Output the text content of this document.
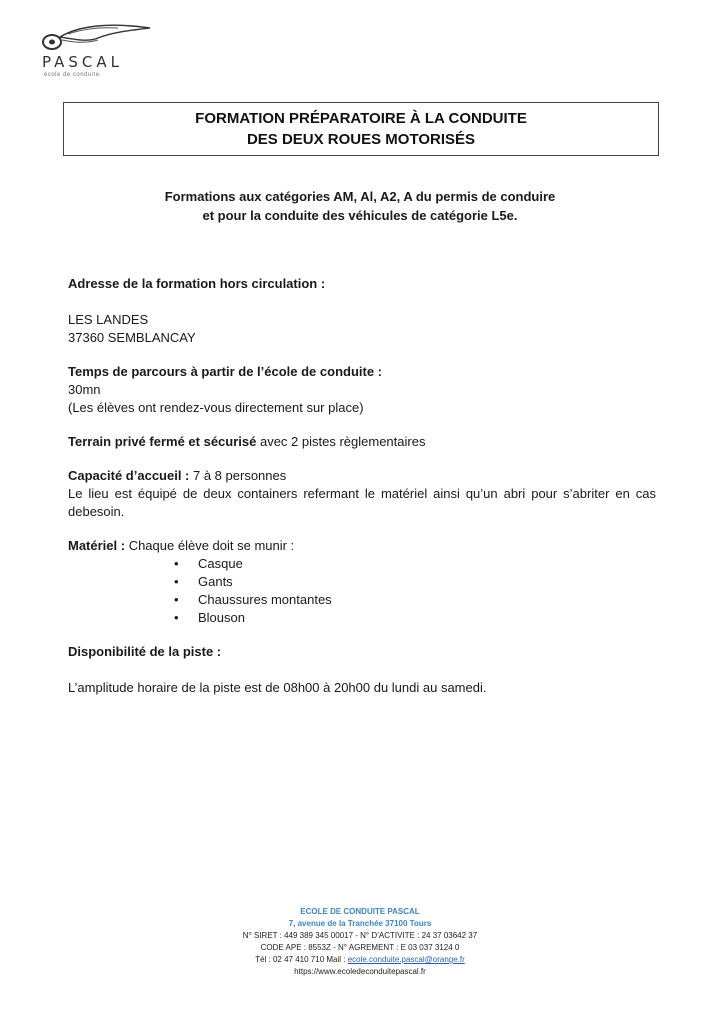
PASCAL
école de conduite
FORMATION PRÉPARATOIRE À LA CONDUITE
DES DEUX ROUES MOTORISÉS
Formations aux catégories AM, Al, A2, A du permis de conduire
et pour la conduite des véhicules de catégorie L5e.

Adresse de la formation hors circulation :

LES LANDES

37360 SEMBLANCAY

Temps de parcours à partir de l’école de conduite :

30mn

(Les élèves ont rendez-vous directement sur place)

Terrain privé fermé et sécurisé avec 2 pistes règlementaires

Capacité d’accueil : 7 à 8 personnes

Le lieu est équipé de deux containers refermant le matériel ainsi qu’un abri pour s’abriter en cas debesoin.

Matériel : Chaque élève doit se munir :

• Casque
• Gants
• Chaussures montantes
• Blouson

Disponibilité de la piste :

L’amplitude horaire de la piste est de 08h00 à 20h00 du lundi au samedi.

ECOLE DE CONDUITE PASCAL
7, avenue de la Tranchée 37100 Tours
N° SIRET : 449 389 345 00017 - N° D’ACTIVITE : 24 37 03642 37
CODE APE : 8553Z - N° AGREMENT : E 03 037 3124 0
Tél : 02 47 410 710 Mail : ecole.conduite.pascal@orange.fr
https://www.ecoledeconduitepascal.fr
